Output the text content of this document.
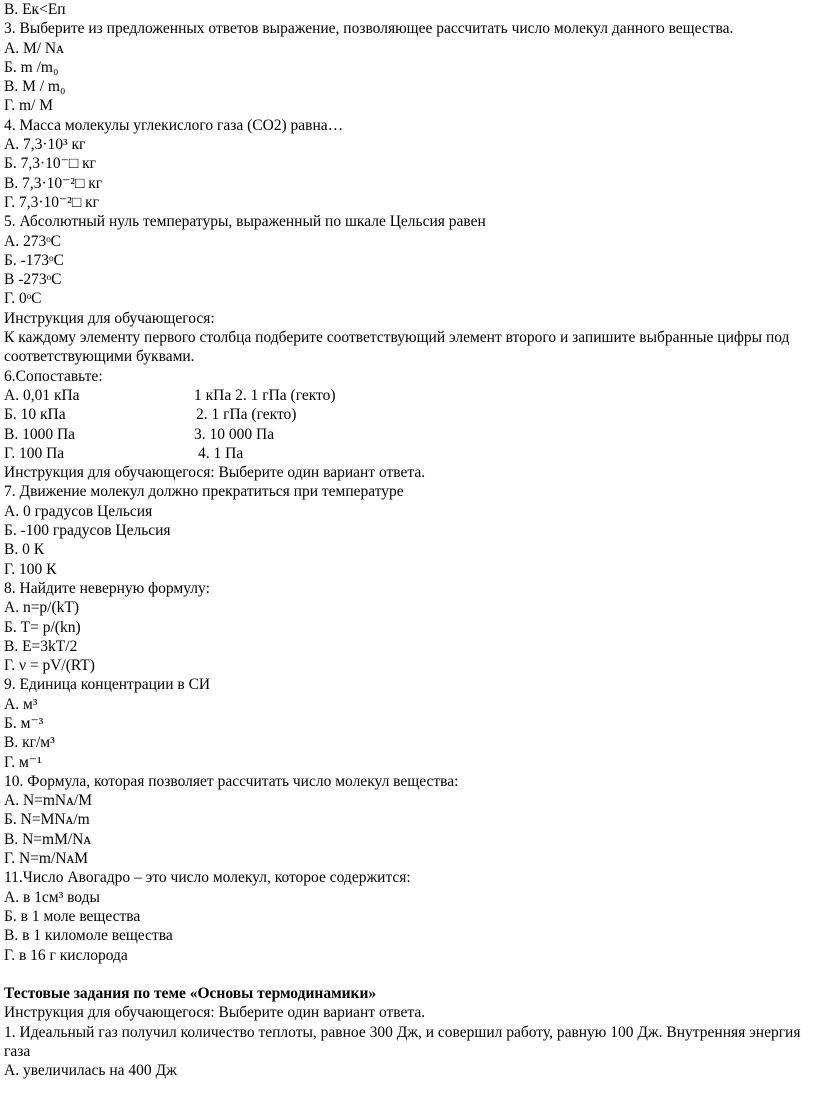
В. Ек<Еп
3. Выберите из предложенных ответов выражение, позволяющее рассчитать число молекул данного вещества.
А. M/ Nᴀ
Б. m /m₀
В. M / m₀
Г. m/ M
4. Масса молекулы углекислого газа (СО2) равна…
А. 7,3·10³ кг
Б. 7,3·10⁻□ кг
В. 7,3·10⁻²□ кг
Г. 7,3·10⁻²□ кг
5. Абсолютный нуль температуры, выраженный по шкале Цельсия равен
А. 273ᵒС
Б. -173ᵒС
В -273ᵒС
Г. 0ᵒС
Инструкция для обучающегося:
К каждому элементу первого столбца подберите соответствующий элемент второго и запишите выбранные цифры под соответствующими буквами.
6.Сопоставьте:
А. 0,01 кПа	1 кПа 2. 1 гПа (гекто)
Б. 10 кПа	2. 1 гПа (гекто)
В. 1000 Па	3. 10 000 Па
Г. 100 Па	4. 1 Па
Инструкция для обучающегося: Выберите один вариант ответа.
7. Движение молекул должно прекратиться при температуре
А. 0 градусов Цельсия
Б. -100 градусов Цельсия
В. 0 К
Г. 100 К
8. Найдите неверную формулу:
А. n=p/(kT)
Б. T= p/(kn)
В. E=3kT/2
Г. ν = pV/(RT)
9. Единица концентрации в СИ
А. м³
Б. м⁻³
В. кг/м³
Г. м⁻¹
10. Формула, которая позволяет рассчитать число молекул вещества:
А. N=mNᴀ/M
Б. N=MNᴀ/m
В. N=mM/Nᴀ
Г. N=m/NᴀM
11.Число Авогадро – это число молекул, которое содержится:
А. в 1см³ воды
Б. в 1 моле вещества
В. в 1 киломоле вещества
Г. в 16 г кислорода
Тестовые задания по теме «Основы термодинамики»
Инструкция для обучающегося: Выберите один вариант ответа.
1. Идеальный газ получил количество теплоты, равное 300 Дж, и совершил работу, равную 100 Дж. Внутренняя энергия газа
А. увеличилась на 400 Дж
